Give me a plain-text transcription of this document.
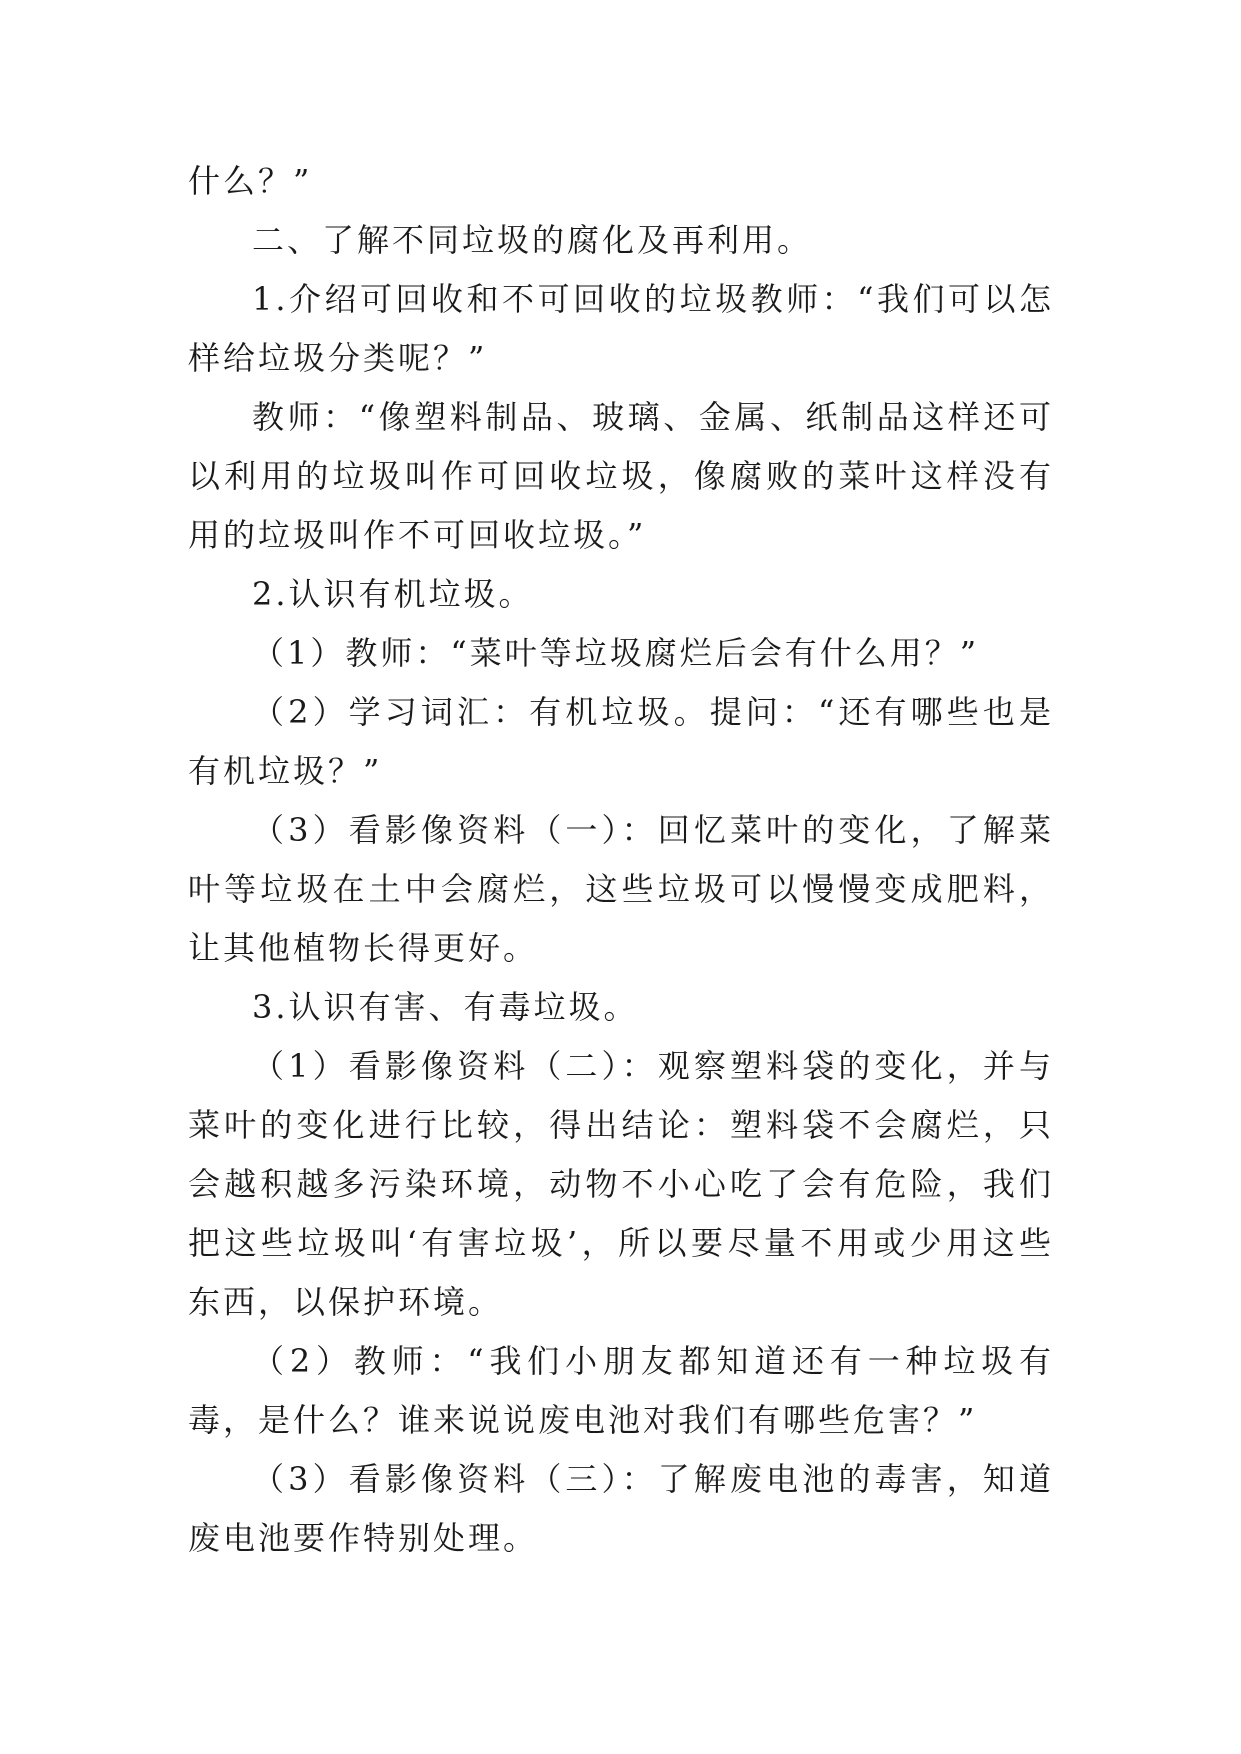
什么？”

二、了解不同垃圾的腐化及再利用。

1.介绍可回收和不可回收的垃圾教师：“我们可以怎样给垃圾分类呢？”

教师：“像塑料制品、玻璃、金属、纸制品这样还可以利用的垃圾叫作可回收垃圾，像腐败的菜叶这样没有用的垃圾叫作不可回收垃圾。”

2.认识有机垃圾。

（1）教师：“菜叶等垃圾腐烂后会有什么用？”

（2）学习词汇：有机垃圾。提问：“还有哪些也是有机垃圾？”

（3）看影像资料（一）：回忆菜叶的变化，了解菜叶等垃圾在土中会腐烂，这些垃圾可以慢慢变成肥料，让其他植物长得更好。

3.认识有害、有毒垃圾。

（1）看影像资料（二）：观察塑料袋的变化，并与菜叶的变化进行比较，得出结论：塑料袋不会腐烂，只会越积越多污染环境，动物不小心吃了会有危险，我们把这些垃圾叫‘有害垃圾’，所以要尽量不用或少用这些东西，以保护环境。

（2）教师：“我们小朋友都知道还有一种垃圾有毒，是什么？谁来说说废电池对我们有哪些危害？”

（3）看影像资料（三）：了解废电池的毒害，知道废电池要作特别处理。
